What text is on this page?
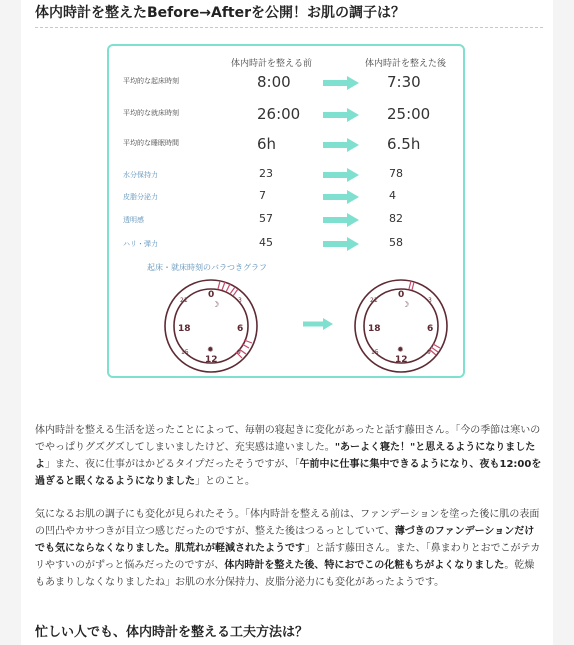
体内時計を整えたBefore→Afterを公開！お肌の調子は？
体内時計を整える前	体内時計を整えた後
平均的な起床時刻	8:00	7:30
平均的な就床時刻	26:00	25:00
平均的な睡眠時間	6h	6.5h
水分保持力	23	78
皮脂分泌力	7	4
透明感	57	82
ハリ・弾力	45	58
起床・就床時刻のバラつきグラフ
0
21	3
18	6
15	9
12
☽
✹
0
21	3
18	6
15	9
12
☽
✹

体内時計を整える生活を送ったことによって、毎朝の寝起きに変化があったと話す藤田さん。「今の季節は寒いのでやっぱりグズグズしてしまいましたけど、充実感は違いました。"あーよく寝た！"と思えるようになりましたよ」また、夜に仕事がはかどるタイプだったそうですが、「午前中に仕事に集中できるようになり、夜も12:00を過ぎると眠くなるようになりました」とのこと。

気になるお肌の調子にも変化が見られたそう。「体内時計を整える前は、ファンデーションを塗った後に肌の表面の凹凸やカサつきが目立つ感じだったのですが、整えた後はつるっとしていて、薄づきのファンデーションだけでも気にならなくなりました。肌荒れが軽減されたようです」と話す藤田さん。また、「鼻まわりとおでこがテカリやすいのがずっと悩みだったのですが、体内時計を整えた後、特におでこの化粧もちがよくなりました。乾燥もあまりしなくなりましたね」お肌の水分保持力、皮脂分泌力にも変化があったようです。

忙しい人でも、体内時計を整える工夫方法は？
